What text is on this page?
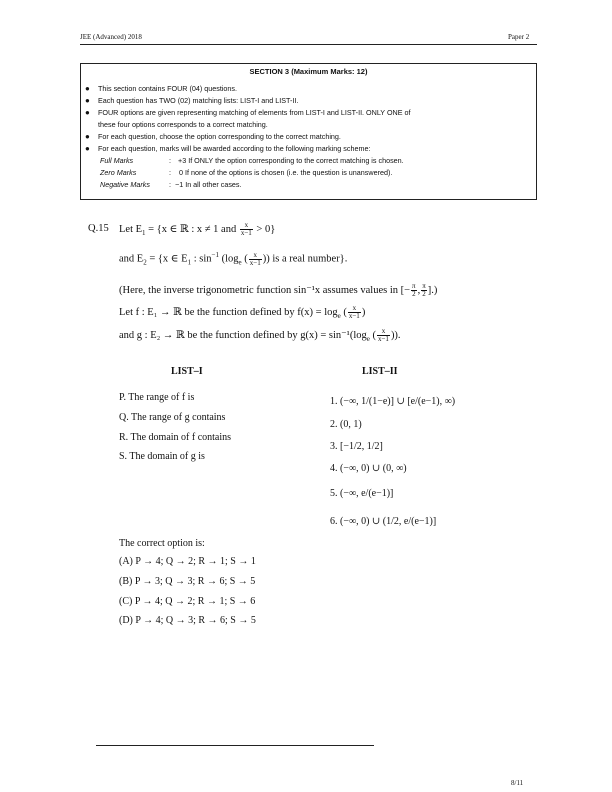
JEE (Advanced) 2018	Paper 2
SECTION 3 (Maximum Marks: 12)
● This section contains FOUR (04) questions.
● Each question has TWO (02) matching lists: LIST-I and LIST-II.
● FOUR options are given representing matching of elements from LIST-I and LIST-II. ONLY ONE of
these four options corresponds to a correct matching.
● For each question, choose the option corresponding to the correct matching.
● For each question, marks will be awarded according to the following marking scheme:
Full Marks	: +3 If ONLY the option corresponding to the correct matching is chosen.
Zero Marks	: 0 If none of the options is chosen (i.e. the question is unanswered).
Negative Marks	: −1 In all other cases.
Q.15 Let $E_1 = \{x$ ∈ ℝ : x ≠ 1 and $\frac{x}{x-1} > 0$}
and $E_2 = \{x$ ∈ $E_1$ : $\sin^{-1} (\log_e$ ( $\frac{x}{x-1}$ )) is a real number}.
(Here, the inverse trigonometric function sin⁻¹x assumes values in [− $\frac{\pi}{2}$ , $\frac{\pi}{2}$ ].)
Let f : E₁ → ℝ be the function defined by $f(x) = \log_e$ ( $\frac{x}{x-1}$ )
and g : E₂ → ℝ be the function defined by $g(x) = \sin^{-1}(\log_e$ ( $\frac{x}{x-1}$ )).
LIST–I	LIST–II
P. The range of f is
Q. The range of g contains
R. The domain of f contains
S. The domain of g is
1. (−∞, 1/(1−e)] ∪ [e/(e−1), ∞)
2. (0, 1)
3. [−1/2, 1/2]
4. (−∞, 0) ∪ (0, ∞)
5. (−∞, e/(e−1)]
6. (−∞, 0) ∪ (1/2, e/(e−1)]
The correct option is:
(A) P → 4; Q → 2; R → 1; S → 1
(B) P → 3; Q → 3; R → 6; S → 5
(C) P → 4; Q → 2; R → 1; S → 6
(D) P → 4; Q → 3; R → 6; S → 5
8/11
